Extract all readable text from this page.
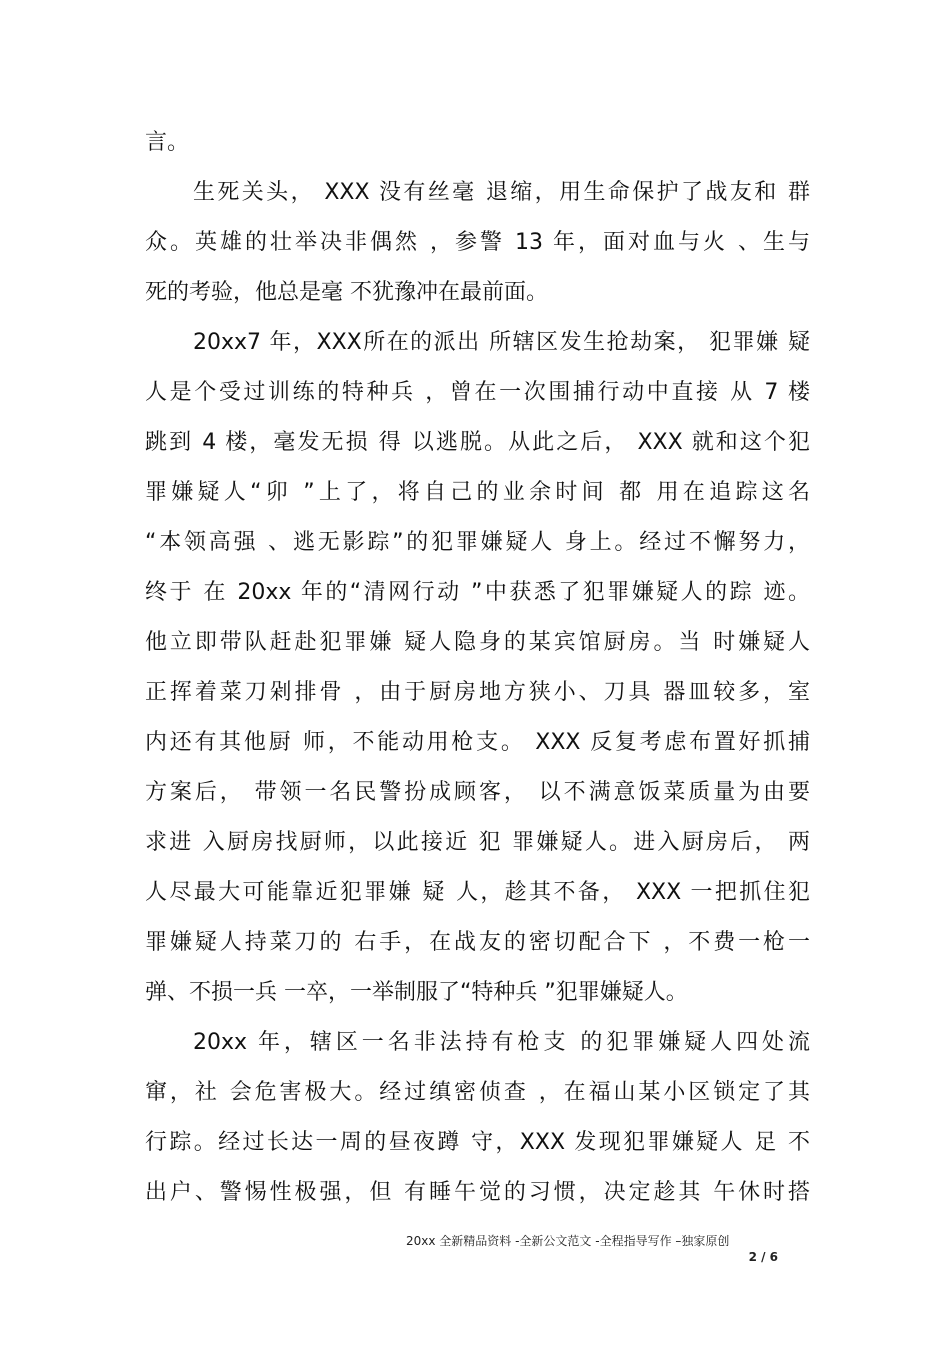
言。
生死关头， XXX 没有丝毫 退缩，用生命保护了战友和 群
众。英雄的壮举决非偶然 ，参警 13 年，面对血与火 、生与
死的考验，他总是毫 不犹豫冲在最前面。
20xx7 年，XXX所在的派出 所辖区发生抢劫案， 犯罪嫌 疑
人是个受过训练的特种兵 ，曾在一次围捕行动中直接 从 7 楼
跳到 4 楼，毫发无损 得 以逃脱。从此之后， XXX 就和这个犯
罪嫌疑人“卯 ”上了，将自己的业余时间 都 用在追踪这名
“本领高强 、逃无影踪”的犯罪嫌疑人 身上。经过不懈努力，
终于 在 20xx 年的“清网行动 ”中获悉了犯罪嫌疑人的踪 迹。
他立即带队赶赴犯罪嫌 疑人隐身的某宾馆厨房。当 时嫌疑人
正挥着菜刀剁排骨 ，由于厨房地方狭小、刀具 器皿较多，室
内还有其他厨 师，不能动用枪支。 XXX 反复考虑布置好抓捕
方案后， 带领一名民警扮成顾客， 以不满意饭菜质量为由要
求进 入厨房找厨师，以此接近 犯 罪嫌疑人。进入厨房后， 两
人尽最大可能靠近犯罪嫌 疑 人，趁其不备， XXX 一把抓住犯
罪嫌疑人持菜刀的 右手，在战友的密切配合下 ，不费一枪一
弹、不损一兵 一卒，一举制服了“特种兵 ”犯罪嫌疑人。
20xx 年，辖区一名非法持有枪支 的犯罪嫌疑人四处流
窜，社 会危害极大。经过缜密侦查 ，在福山某小区锁定了其
行踪。经过长达一周的昼夜蹲 守，XXX 发现犯罪嫌疑人 足 不
出户、警惕性极强，但 有睡午觉的习惯，决定趁其 午休时搭
20xx 全新精品资料 -全新公文范文 -全程指导写作 –独家原创
2 / 6
